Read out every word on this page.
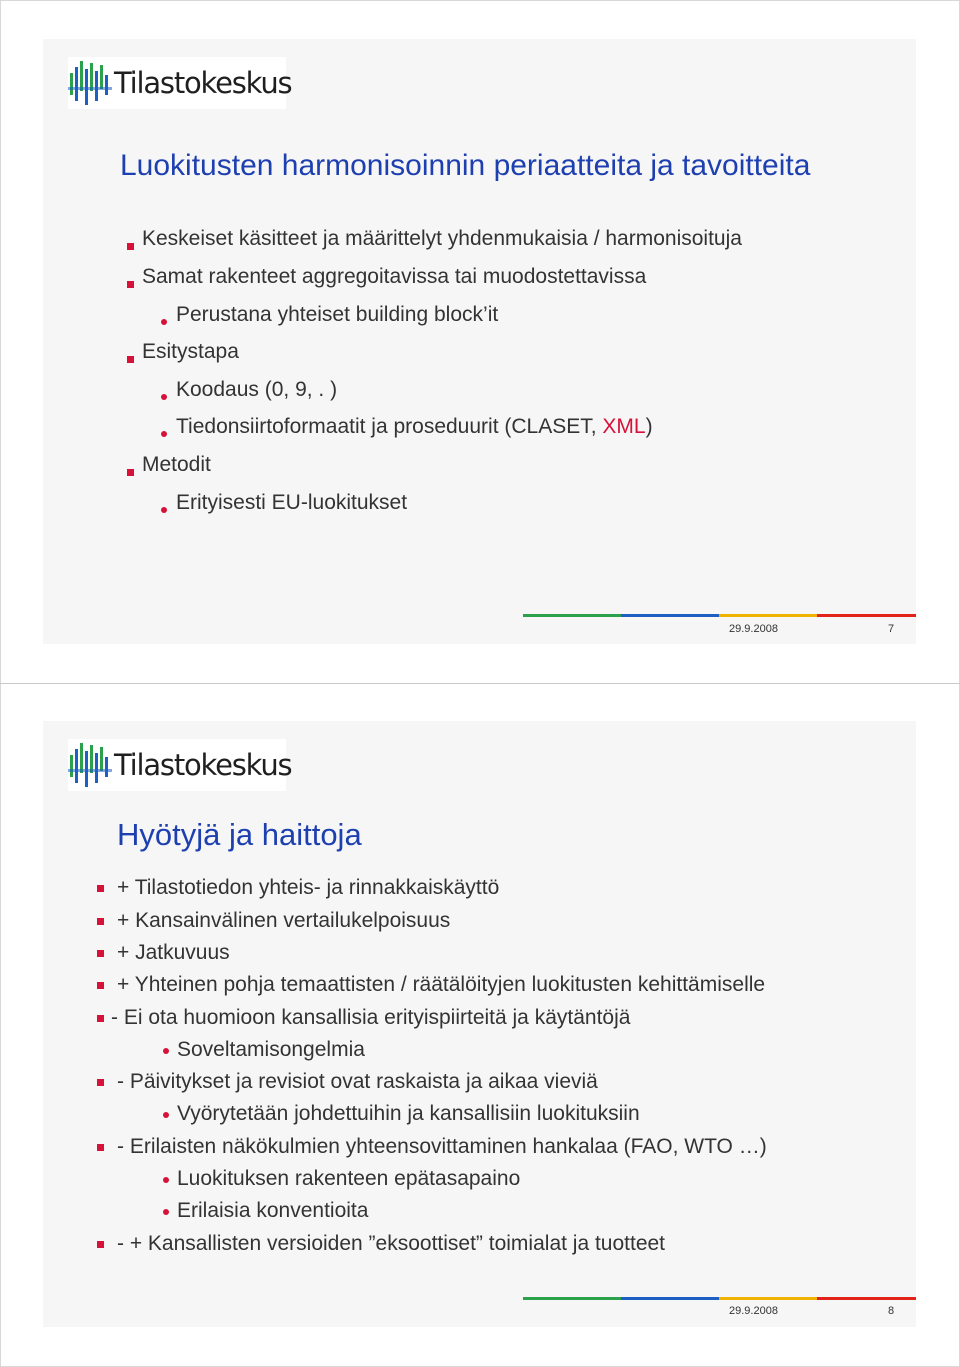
Tilastokeskus
Luokitusten harmonisoinnin periaatteita ja tavoitteita
Keskeiset käsitteet ja määrittelyt yhdenmukaisia / harmonisoituja
Samat rakenteet aggregoitavissa tai muodostettavissa
Perustana yhteiset building block’it
Esitystapa
Koodaus (0, 9, . )
Tiedonsiirtoformaatit ja proseduurit (CLASET, XML)
Metodit
Erityisesti EU-luokitukset
29.9.2008	7
Tilastokeskus
Hyötyjä ja haittoja
+ Tilastotiedon yhteis- ja rinnakkaiskäyttö
+ Kansainvälinen vertailukelpoisuus
+ Jatkuvuus
+ Yhteinen pohja temaattisten / räätälöityjen luokitusten kehittämiselle
- Ei ota huomioon kansallisia erityispiirteitä ja käytäntöjä
Soveltamisongelmia
- Päivitykset ja revisiot ovat raskaista ja aikaa vieviä
Vyörytetään johdettuihin ja kansallisiin luokituksiin
- Erilaisten näkökulmien yhteensovittaminen hankalaa (FAO, WTO …)
Luokituksen rakenteen epätasapaino
Erilaisia konventioita
- + Kansallisten versioiden ”eksoottiset” toimialat ja tuotteet
29.9.2008	8
